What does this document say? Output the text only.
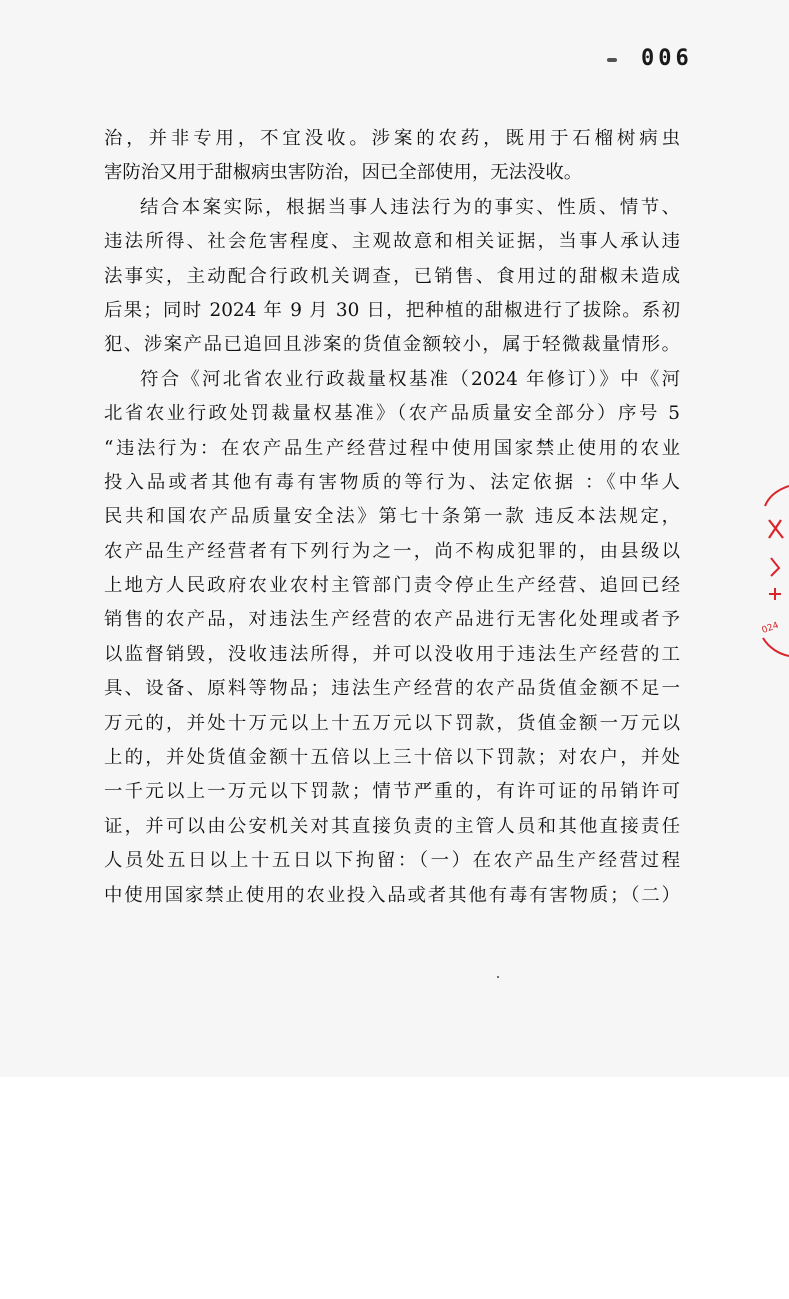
006
治，并非专用，不宜没收。涉案的农药，既用于石榴树病虫
害防治又用于甜椒病虫害防治，因已全部使用，无法没收。
结合本案实际，根据当事人违法行为的事实、性质、情节、
违法所得、社会危害程度、主观故意和相关证据，当事人承认违
法事实，主动配合行政机关调查，已销售、食用过的甜椒未造成
后果；同时 2024 年 9 月 30 日，把种植的甜椒进行了拔除。系初
犯、涉案产品已追回且涉案的货值金额较小，属于轻微裁量情形。
符合《河北省农业行政裁量权基准（2024 年修订）》中《河
北省农业行政处罚裁量权基准》（农产品质量安全部分）序号 5
“违法行为：在农产品生产经营过程中使用国家禁止使用的农业
投入品或者其他有毒有害物质的等行为、法定依据 ：《中华人
民共和国农产品质量安全法》第七十条第一款 违反本法规定，
农产品生产经营者有下列行为之一，尚不构成犯罪的，由县级以
上地方人民政府农业农村主管部门责令停止生产经营、追回已经
销售的农产品，对违法生产经营的农产品进行无害化处理或者予
以监督销毁，没收违法所得，并可以没收用于违法生产经营的工
具、设备、原料等物品；违法生产经营的农产品货值金额不足一
万元的，并处十万元以上十五万元以下罚款，货值金额一万元以
上的，并处货值金额十五倍以上三十倍以下罚款；对农户，并处
一千元以上一万元以下罚款；情节严重的，有许可证的吊销许可
证，并可以由公安机关对其直接负责的主管人员和其他直接责任
人员处五日以上十五日以下拘留：（一）在农产品生产经营过程
中使用国家禁止使用的农业投入品或者其他有毒有害物质；（二）
024
